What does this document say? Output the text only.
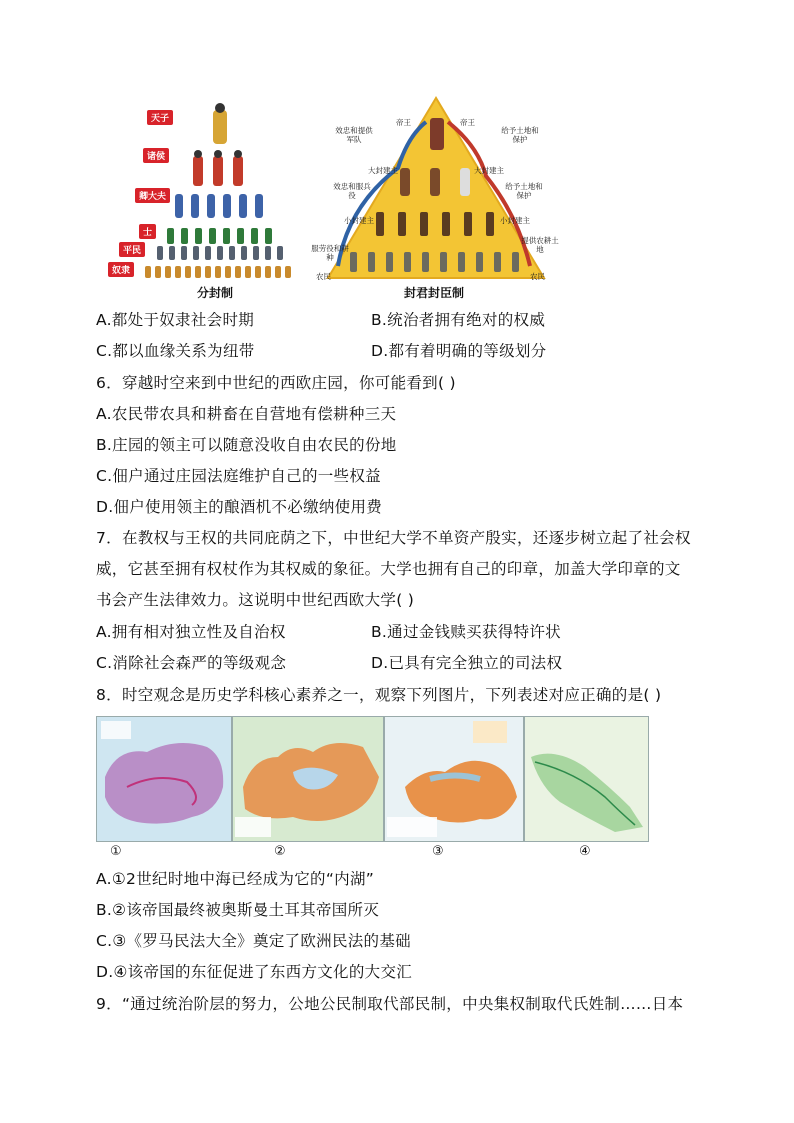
天子
诸侯
卿大夫
士
平民
奴隶
分封制
效忠和提供军队
效忠和服兵役
服劳役和耕种
给予土地和保护
给予土地和保护
提供农耕土地
帝王
大封建主
小封建主
农民
帝王
大封建主
小封建主
农民
封君封臣制
A.都处于奴隶社会时期	B.统治者拥有绝对的权威
C.都以血缘关系为纽带	D.都有着明确的等级划分
6．穿越时空来到中世纪的西欧庄园，你可能看到( )
A.农民带农具和耕畜在自营地有偿耕种三天
B.庄园的领主可以随意没收自由农民的份地
C.佃户通过庄园法庭维护自己的一些权益
D.佃户使用领主的酿酒机不必缴纳使用费
7．在教权与王权的共同庇荫之下，中世纪大学不单资产殷实，还逐步树立起了社会权
威，它甚至拥有权杖作为其权威的象征。大学也拥有自己的印章，加盖大学印章的文
书会产生法律效力。这说明中世纪西欧大学( )
A.拥有相对独立性及自治权	B.通过金钱赎买获得特许状
C.消除社会森严的等级观念	D.已具有完全独立的司法权
8．时空观念是历史学科核心素养之一，观察下列图片，下列表述对应正确的是( )
①	②	③	④
A.①2世纪时地中海已经成为它的“内湖”
B.②该帝国最终被奥斯曼土耳其帝国所灭
C.③《罗马民法大全》奠定了欧洲民法的基础
D.④该帝国的东征促进了东西方文化的大交汇
9．“通过统治阶层的努力，公地公民制取代部民制，中央集权制取代氏姓制……日本
